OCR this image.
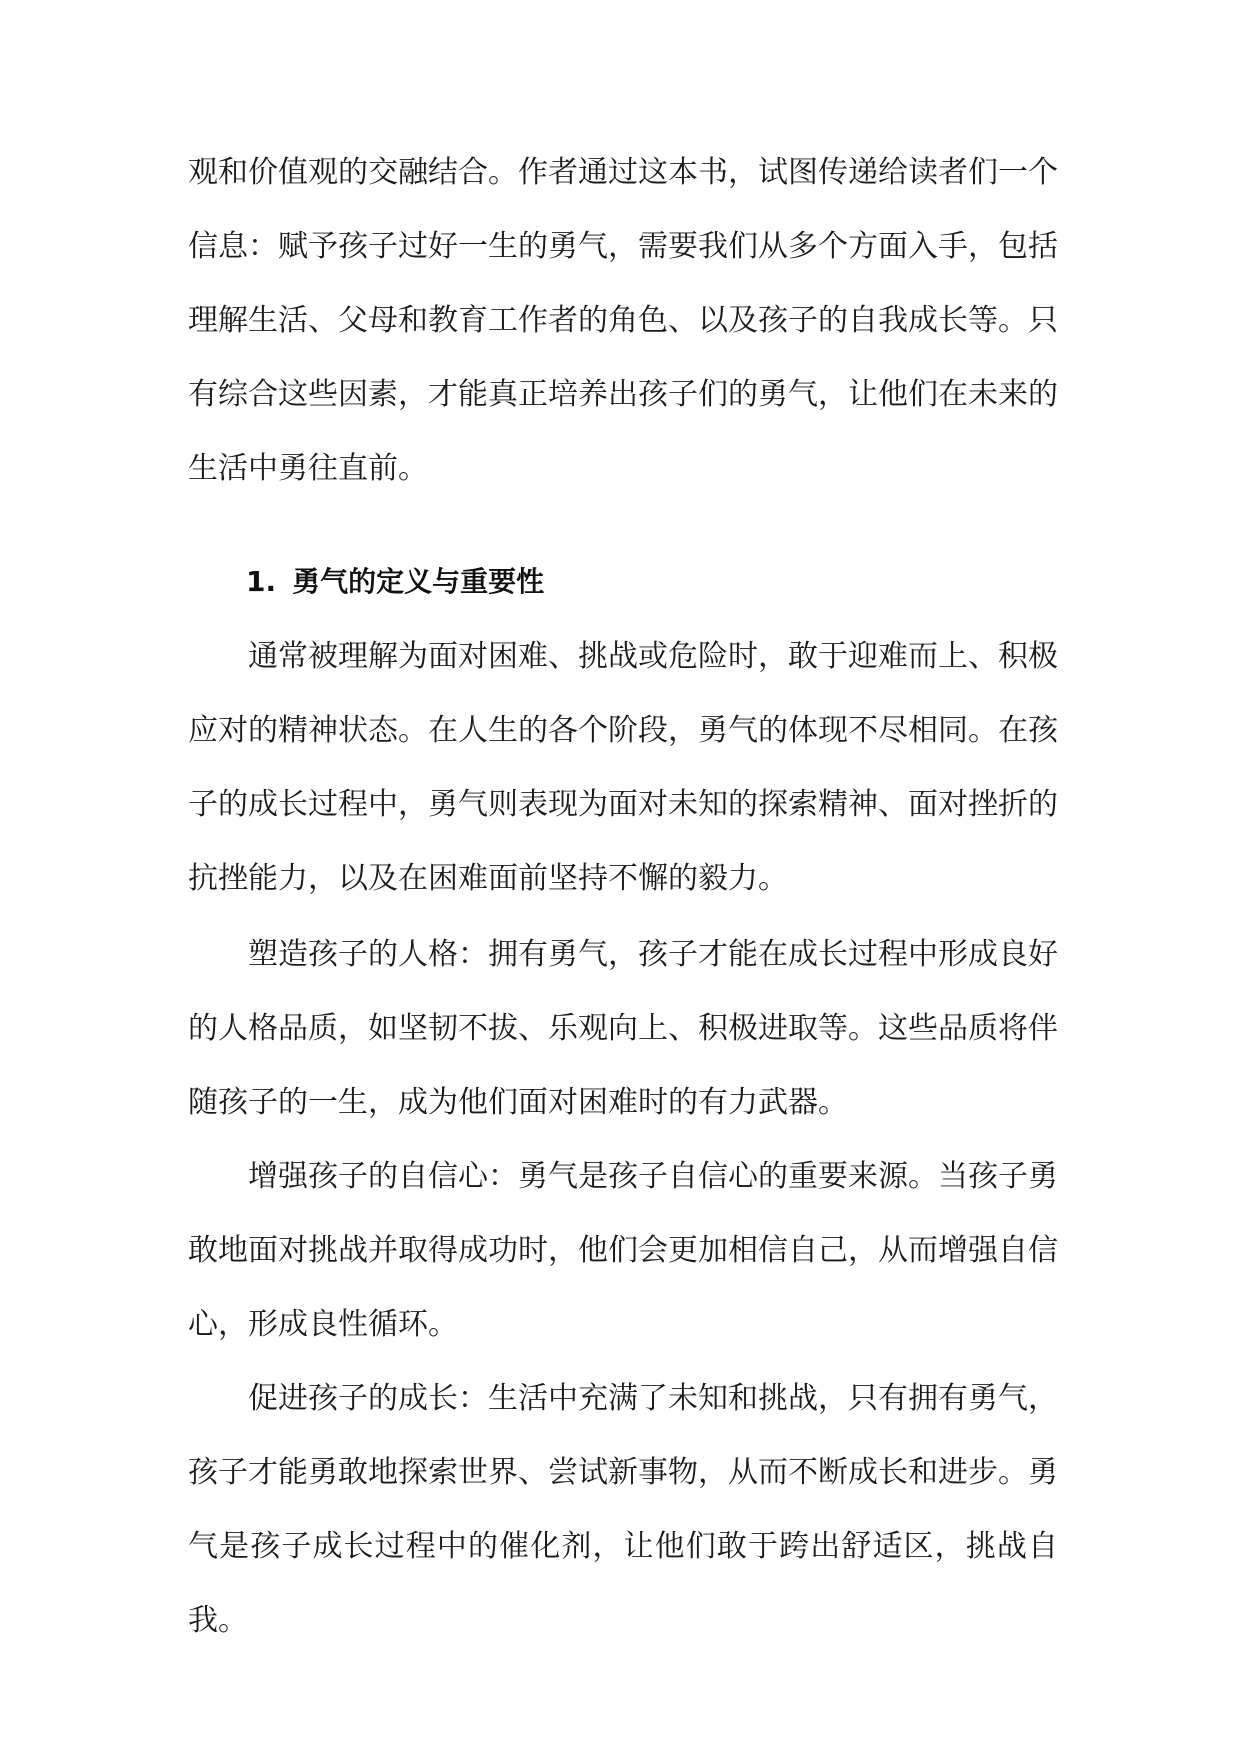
观和价值观的交融结合。作者通过这本书，试图传递给读者们一个信息：赋予孩子过好一生的勇气，需要我们从多个方面入手，包括理解生活、父母和教育工作者的角色、以及孩子的自我成长等。只有综合这些因素，才能真正培养出孩子们的勇气，让他们在未来的生活中勇往直前。

1. 勇气的定义与重要性

通常被理解为面对困难、挑战或危险时，敢于迎难而上、积极应对的精神状态。在人生的各个阶段，勇气的体现不尽相同。在孩子的成长过程中，勇气则表现为面对未知的探索精神、面对挫折的抗挫能力，以及在困难面前坚持不懈的毅力。

塑造孩子的人格：拥有勇气，孩子才能在成长过程中形成良好的人格品质，如坚韧不拔、乐观向上、积极进取等。这些品质将伴随孩子的一生，成为他们面对困难时的有力武器。

增强孩子的自信心：勇气是孩子自信心的重要来源。当孩子勇敢地面对挑战并取得成功时，他们会更加相信自己，从而增强自信心，形成良性循环。

促进孩子的成长：生活中充满了未知和挑战，只有拥有勇气，孩子才能勇敢地探索世界、尝试新事物，从而不断成长和进步。勇气是孩子成长过程中的催化剂，让他们敢于跨出舒适区，挑战自我。
